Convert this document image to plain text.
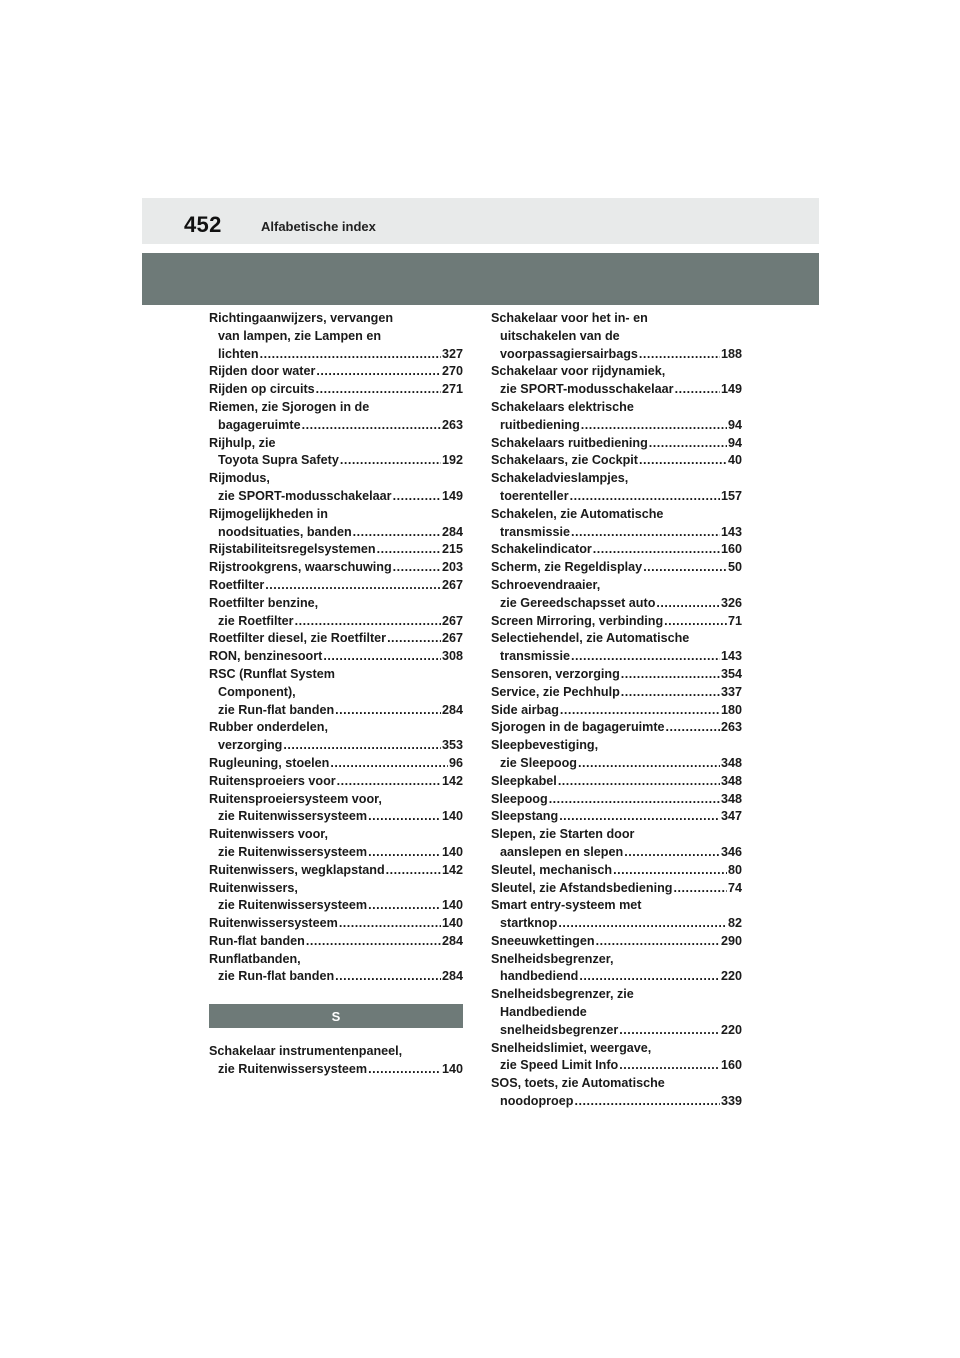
452	Alfabetische index
Richtingaanwijzers, vervangen
van lampen, zie Lampen en
lichten .....	327
Rijden door water .....	270
Rijden op circuits .....	271
Riemen, zie Sjorogen in de
bagageruimte .....	263
Rijhulp, zie
Toyota Supra Safety .....	192
Rijmodus,
zie SPORT-modusschakelaar .....	149
Rijmogelijkheden in
noodsituaties, banden .....	284
Rijstabiliteitsregelsystemen .....	215
Rijstrookgrens, waarschuwing .....	203
Roetfilter .....	267
Roetfilter benzine,
zie Roetfilter .....	267
Roetfilter diesel, zie Roetfilter .....	267
RON, benzinesoort .....	308
RSC (Runflat System
Component),
zie Run-flat banden .....	284
Rubber onderdelen,
verzorging .....	353
Rugleuning, stoelen .....	96
Ruitensproeiers voor .....	142
Ruitensproeiersysteem voor,
zie Ruitenwissersysteem .....	140
Ruitenwissers voor,
zie Ruitenwissersysteem .....	140
Ruitenwissers, wegklapstand .....	142
Ruitenwissers,
zie Ruitenwissersysteem .....	140
Ruitenwissersysteem .....	140
Run-flat banden .....	284
Runflatbanden,
zie Run-flat banden .....	284
S
Schakelaar instrumentenpaneel,
zie Ruitenwissersysteem .....	140
Schakelaar voor het in- en
uitschakelen van de
voorpassagiersairbags .....	188
Schakelaar voor rijdynamiek,
zie SPORT-modusschakelaar .....	149
Schakelaars elektrische
ruitbediening .....	94
Schakelaars ruitbediening .....	94
Schakelaars, zie Cockpit .....	40
Schakeladvieslampjes,
toerenteller .....	157
Schakelen, zie Automatische
transmissie .....	143
Schakelindicator .....	160
Scherm, zie Regeldisplay .....	50
Schroevendraaier,
zie Gereedschapsset auto .....	326
Screen Mirroring, verbinding .....	71
Selectiehendel, zie Automatische
transmissie .....	143
Sensoren, verzorging .....	354
Service, zie Pechhulp .....	337
Side airbag .....	180
Sjorogen in de bagageruimte .....	263
Sleepbevestiging,
zie Sleepoog .....	348
Sleepkabel .....	348
Sleepoog .....	348
Sleepstang .....	347
Slepen, zie Starten door
aanslepen en slepen .....	346
Sleutel, mechanisch .....	80
Sleutel, zie Afstandsbediening .....	74
Smart entry-systeem met
startknop .....	82
Sneeuwkettingen .....	290
Snelheidsbegrenzer,
handbediend .....	220
Snelheidsbegrenzer, zie
Handbediende
snelheidsbegrenzer .....	220
Snelheidslimiet, weergave,
zie Speed Limit Info .....	160
SOS, toets, zie Automatische
noodoproep .....	339
